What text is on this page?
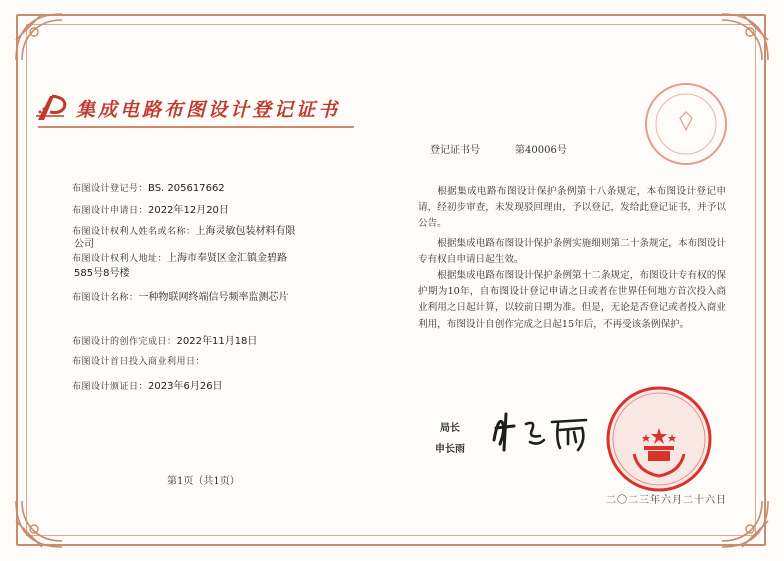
集成电路布图设计登记证书
登记证书号	第40006号
布图设计登记号：BS. 205617662
布图设计申请日：2022年12月20日
布图设计权利人姓名或名称：上海灵敏包装材料有限
公司
布图设计权利人地址：上海市奉贤区金汇镇金碧路
585号8号楼
布图设计名称：一种物联网终端信号频率监测芯片
布图设计的创作完成日：2022年11月18日
布图设计首日投入商业利用日：
布图设计颁证日：2023年6月26日
第1页（共1页）
根据集成电路布图设计保护条例第十八条规定，本布图设计登记申请，经初步审查，未发现驳回理由，予以登记，发给此登记证书，并予以公告。
根据集成电路布图设计保护条例实施细则第二十条规定，本布图设计专有权自申请日起生效。
根据集成电路布图设计保护条例第十二条规定，布图设计专有权的保护期为10年，自布图设计登记申请之日或者在世界任何地方首次投入商业利用之日起计算，以较前日期为准。但是，无论是否登记或者投入商业利用，布图设计自创作完成之日起15年后，不再受该条例保护。
局长
申长雨
二〇二三年六月二十六日
